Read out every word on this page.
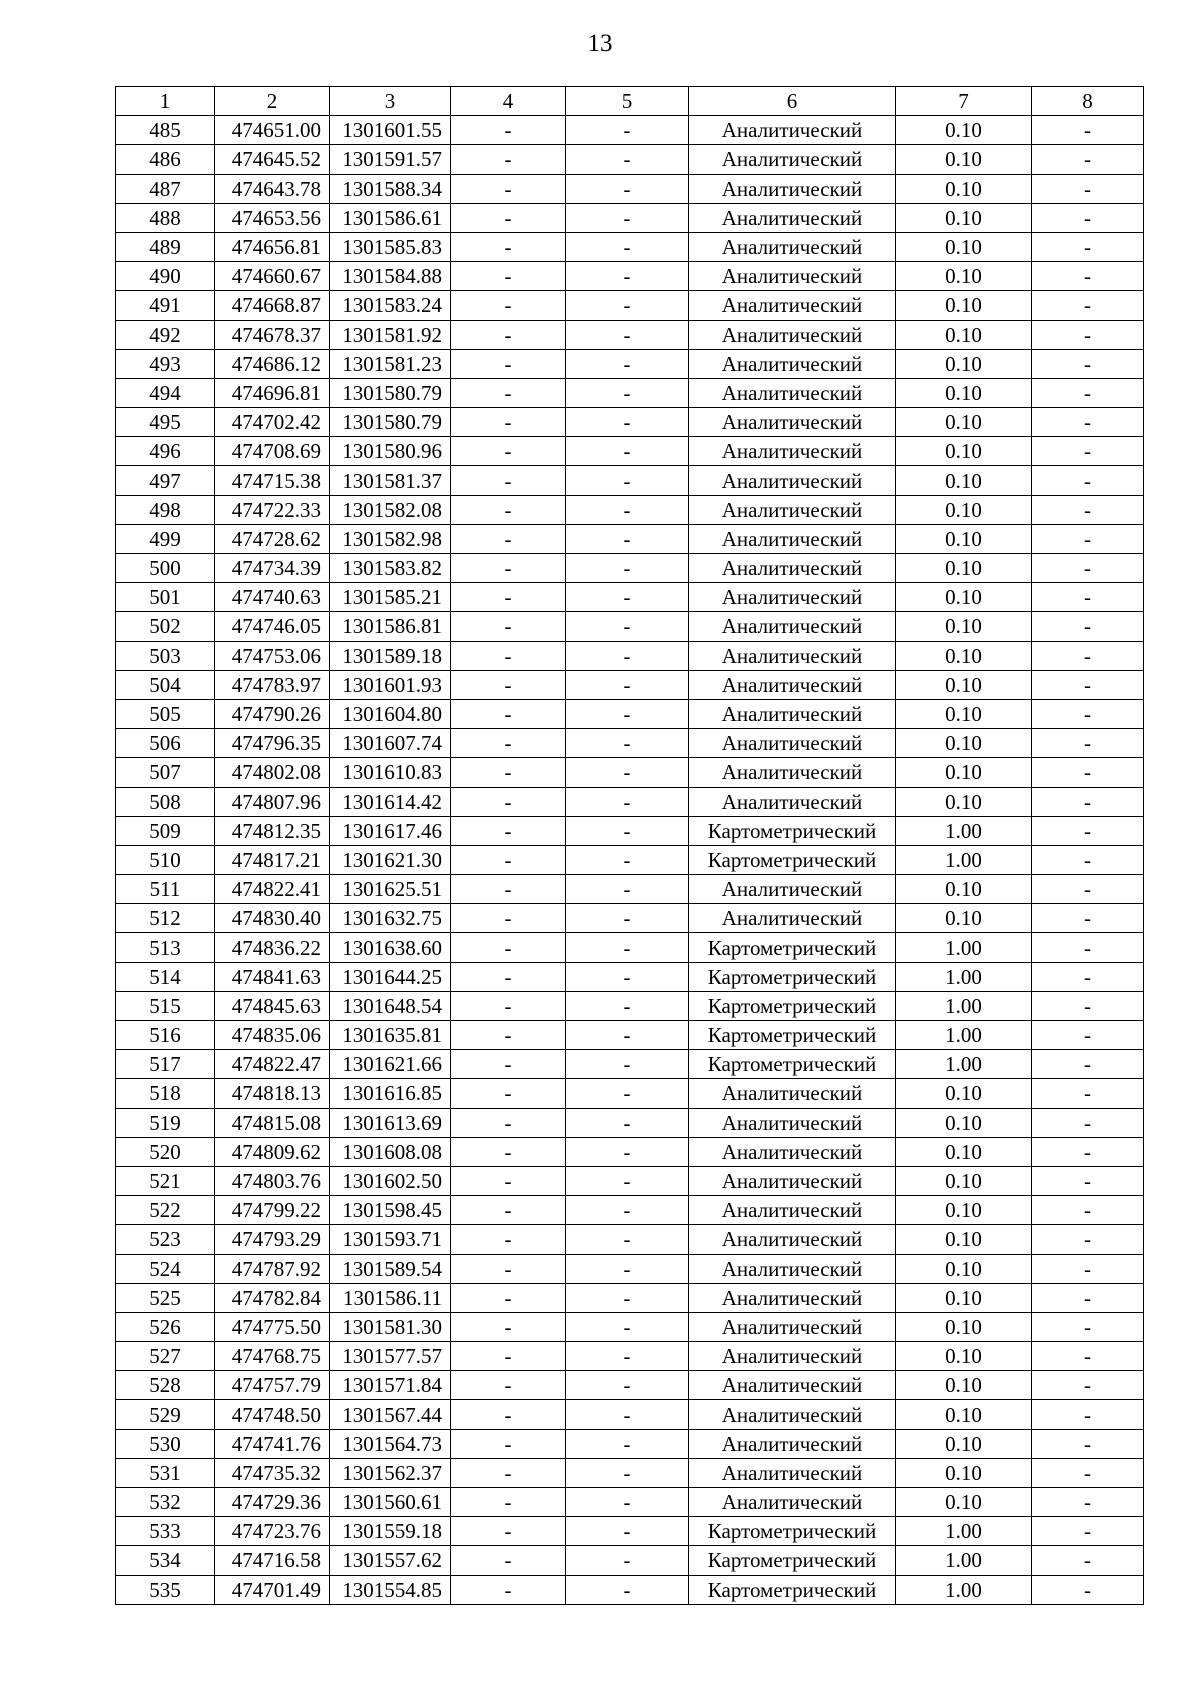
13
1	2	3	4	5	6	7	8
485	474651.00	1301601.55	-	-	Аналитический	0.10	-
486	474645.52	1301591.57	-	-	Аналитический	0.10	-
487	474643.78	1301588.34	-	-	Аналитический	0.10	-
488	474653.56	1301586.61	-	-	Аналитический	0.10	-
489	474656.81	1301585.83	-	-	Аналитический	0.10	-
490	474660.67	1301584.88	-	-	Аналитический	0.10	-
491	474668.87	1301583.24	-	-	Аналитический	0.10	-
492	474678.37	1301581.92	-	-	Аналитический	0.10	-
493	474686.12	1301581.23	-	-	Аналитический	0.10	-
494	474696.81	1301580.79	-	-	Аналитический	0.10	-
495	474702.42	1301580.79	-	-	Аналитический	0.10	-
496	474708.69	1301580.96	-	-	Аналитический	0.10	-
497	474715.38	1301581.37	-	-	Аналитический	0.10	-
498	474722.33	1301582.08	-	-	Аналитический	0.10	-
499	474728.62	1301582.98	-	-	Аналитический	0.10	-
500	474734.39	1301583.82	-	-	Аналитический	0.10	-
501	474740.63	1301585.21	-	-	Аналитический	0.10	-
502	474746.05	1301586.81	-	-	Аналитический	0.10	-
503	474753.06	1301589.18	-	-	Аналитический	0.10	-
504	474783.97	1301601.93	-	-	Аналитический	0.10	-
505	474790.26	1301604.80	-	-	Аналитический	0.10	-
506	474796.35	1301607.74	-	-	Аналитический	0.10	-
507	474802.08	1301610.83	-	-	Аналитический	0.10	-
508	474807.96	1301614.42	-	-	Аналитический	0.10	-
509	474812.35	1301617.46	-	-	Картометрический	1.00	-
510	474817.21	1301621.30	-	-	Картометрический	1.00	-
511	474822.41	1301625.51	-	-	Аналитический	0.10	-
512	474830.40	1301632.75	-	-	Аналитический	0.10	-
513	474836.22	1301638.60	-	-	Картометрический	1.00	-
514	474841.63	1301644.25	-	-	Картометрический	1.00	-
515	474845.63	1301648.54	-	-	Картометрический	1.00	-
516	474835.06	1301635.81	-	-	Картометрический	1.00	-
517	474822.47	1301621.66	-	-	Картометрический	1.00	-
518	474818.13	1301616.85	-	-	Аналитический	0.10	-
519	474815.08	1301613.69	-	-	Аналитический	0.10	-
520	474809.62	1301608.08	-	-	Аналитический	0.10	-
521	474803.76	1301602.50	-	-	Аналитический	0.10	-
522	474799.22	1301598.45	-	-	Аналитический	0.10	-
523	474793.29	1301593.71	-	-	Аналитический	0.10	-
524	474787.92	1301589.54	-	-	Аналитический	0.10	-
525	474782.84	1301586.11	-	-	Аналитический	0.10	-
526	474775.50	1301581.30	-	-	Аналитический	0.10	-
527	474768.75	1301577.57	-	-	Аналитический	0.10	-
528	474757.79	1301571.84	-	-	Аналитический	0.10	-
529	474748.50	1301567.44	-	-	Аналитический	0.10	-
530	474741.76	1301564.73	-	-	Аналитический	0.10	-
531	474735.32	1301562.37	-	-	Аналитический	0.10	-
532	474729.36	1301560.61	-	-	Аналитический	0.10	-
533	474723.76	1301559.18	-	-	Картометрический	1.00	-
534	474716.58	1301557.62	-	-	Картометрический	1.00	-
535	474701.49	1301554.85	-	-	Картометрический	1.00	-
